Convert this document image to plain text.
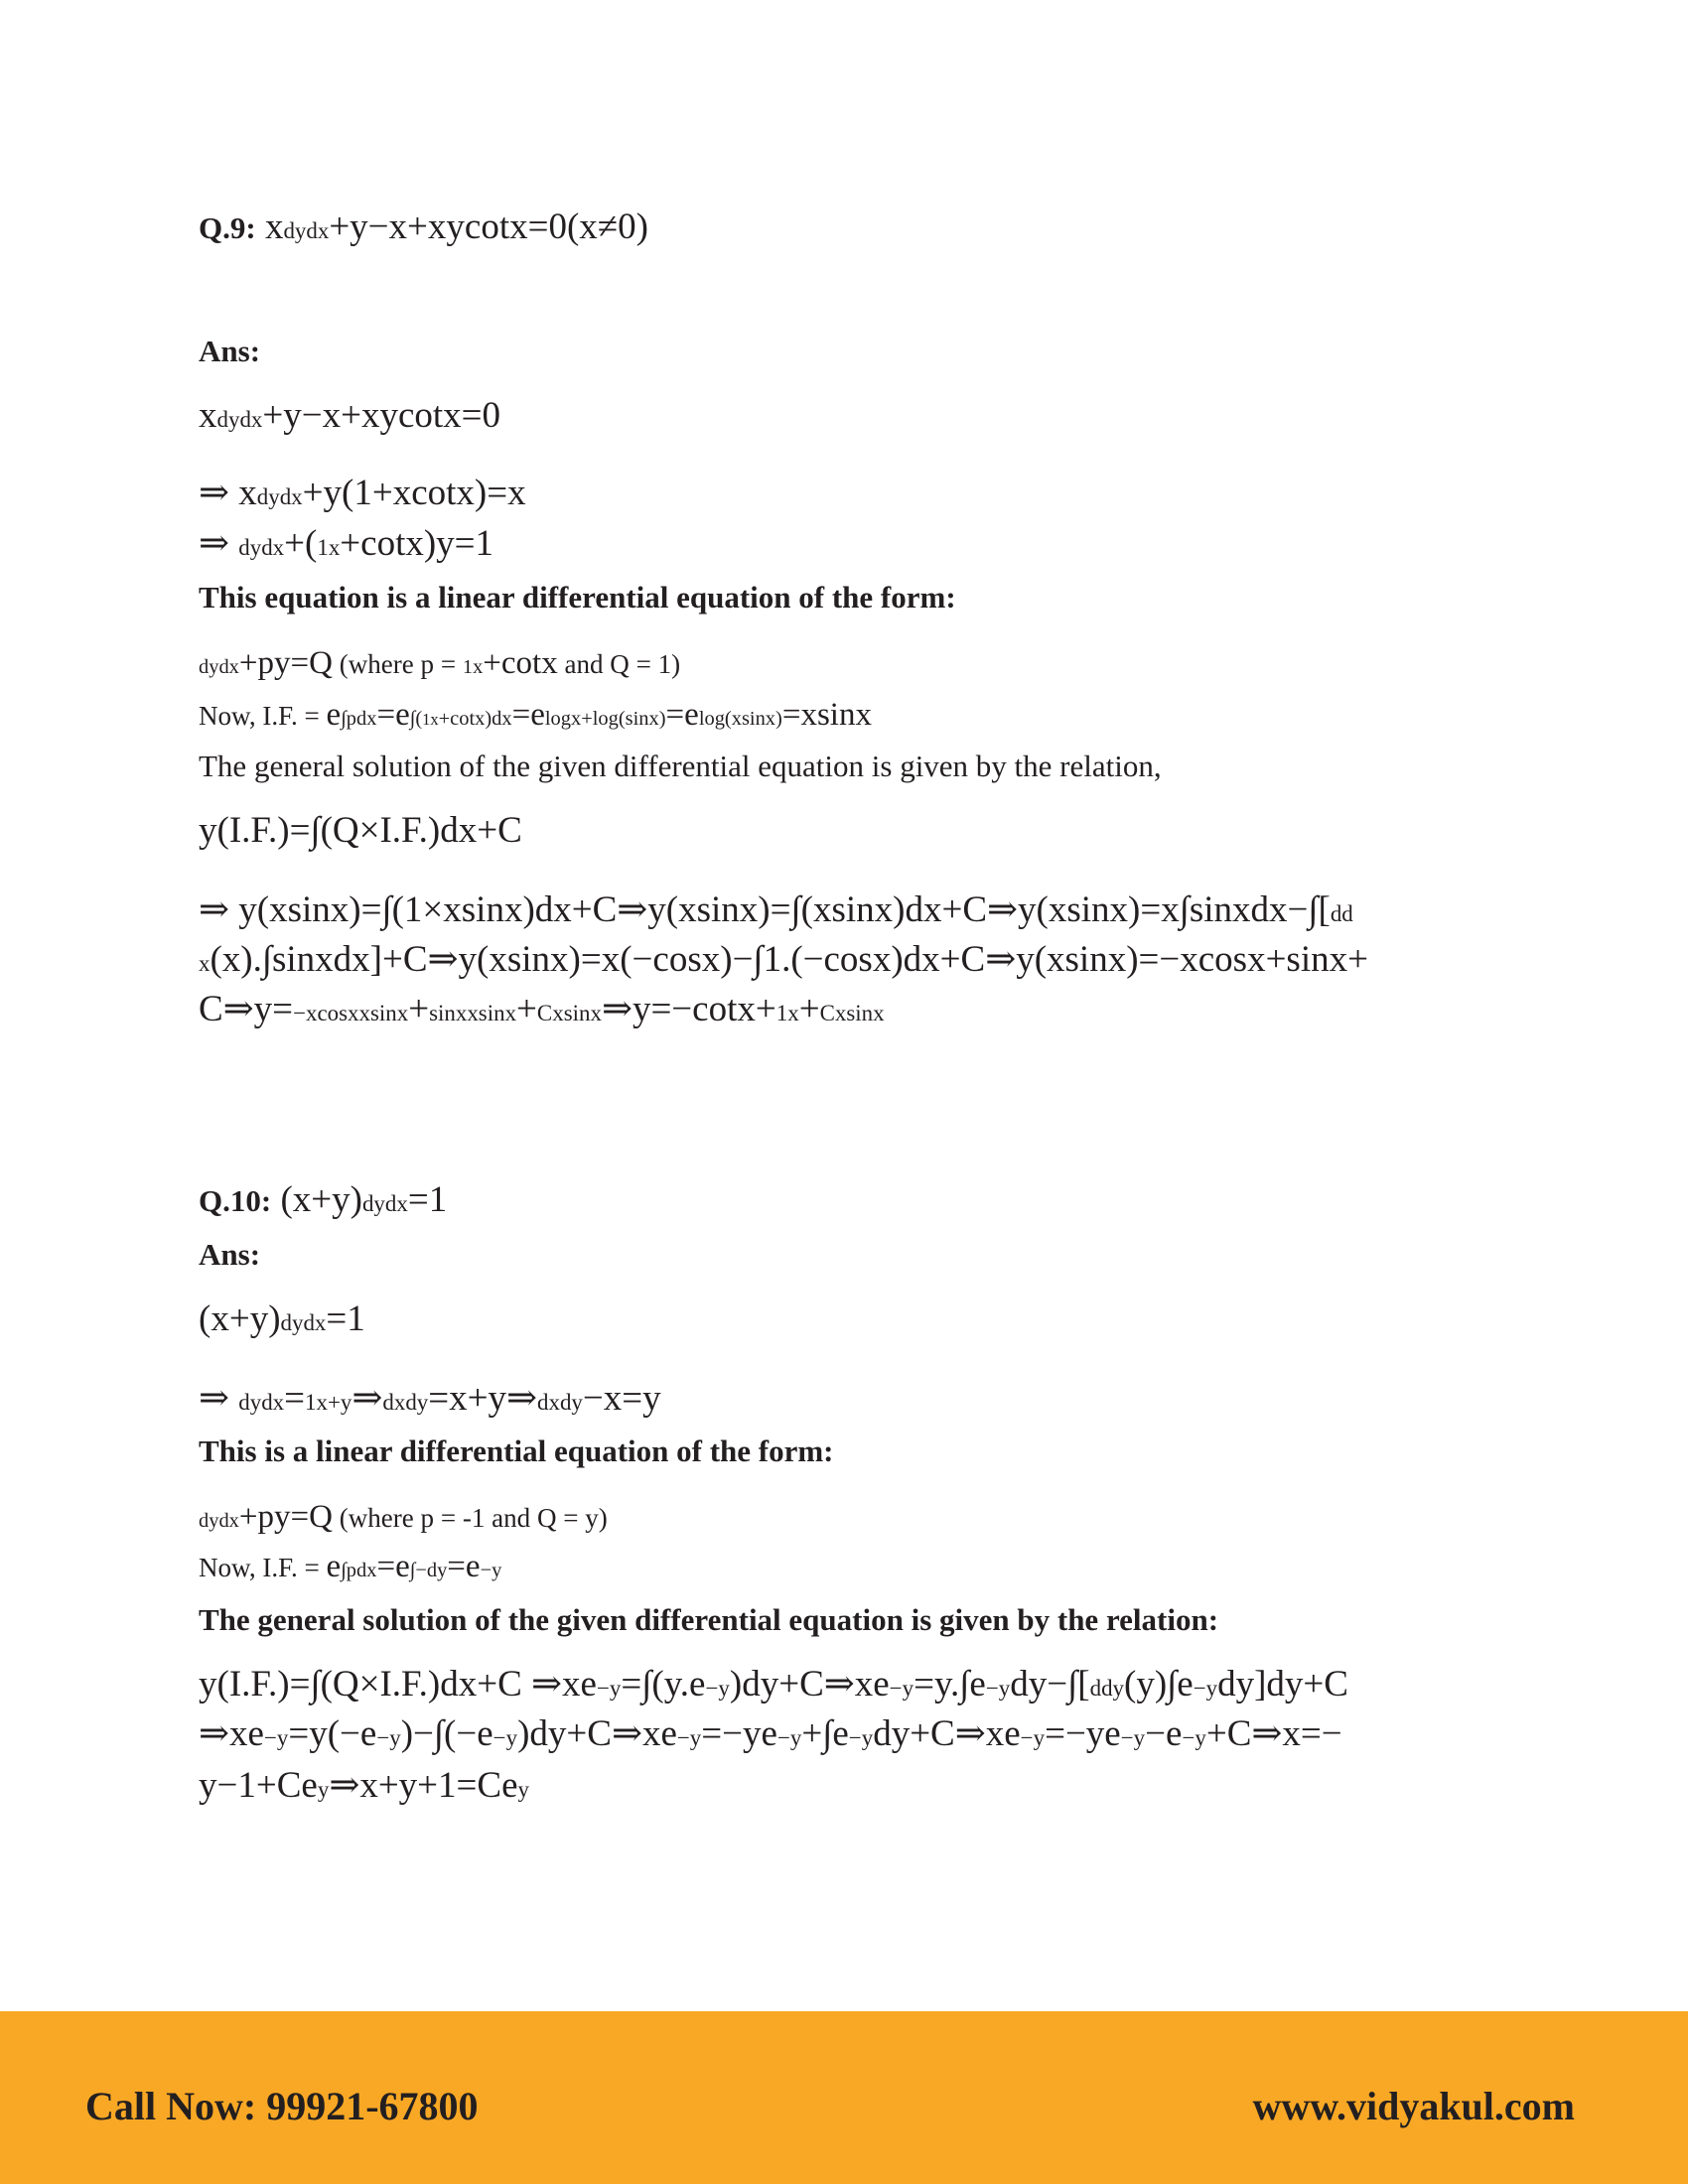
Q.9: xdydx+y−x+xycotx=0(x≠0)
Ans:
xdydx+y−x+xycotx=0
⇒ xdydx+y(1+xcotx)=x
⇒ dydx+(1x+cotx)y=1
This equation is a linear differential equation of the form:
dydx+py=Q (where p = 1x+cotx and Q = 1)
Now, I.F. = e∫pdx=e∫(1x+cotx)dx=elogx+log(sinx)=elog(xsinx)=xsinx
The general solution of the given differential equation is given by the relation,
y(I.F.)=∫(Q×I.F.)dx+C
⇒ y(xsinx)=∫(1×xsinx)dx+C⇒y(xsinx)=∫(xsinx)dx+C⇒y(xsinx)=x∫sinxdx−∫[dd
x(x).∫sinxdx]+C⇒y(xsinx)=x(−cosx)−∫1.(−cosx)dx+C⇒y(xsinx)=−xcosx+sinx+
C⇒y=−xcosxxsinx+sinxxsinx+Cxsinx⇒y=−cotx+1x+Cxsinx
Q.10: (x+y)dydx=1
Ans:
(x+y)dydx=1
⇒ dydx=1x+y⇒dxdy=x+y⇒dxdy−x=y
This is a linear differential equation of the form:
dydx+py=Q (where p = -1 and Q = y)
Now, I.F. = e∫pdx=e∫−dy=e−y
The general solution of the given differential equation is given by the relation:
y(I.F.)=∫(Q×I.F.)dx+C ⇒xe−y=∫(y.e−y)dy+C⇒xe−y=y.∫e−ydy−∫[ddy(y)∫e−ydy]dy+C
⇒xe−y=y(−e−y)−∫(−e−y)dy+C⇒xe−y=−ye−y+∫e−ydy+C⇒xe−y=−ye−y−e−y+C⇒x=−
y−1+Cey⇒x+y+1=Cey
Call Now: 99921-67800	www.vidyakul.com
